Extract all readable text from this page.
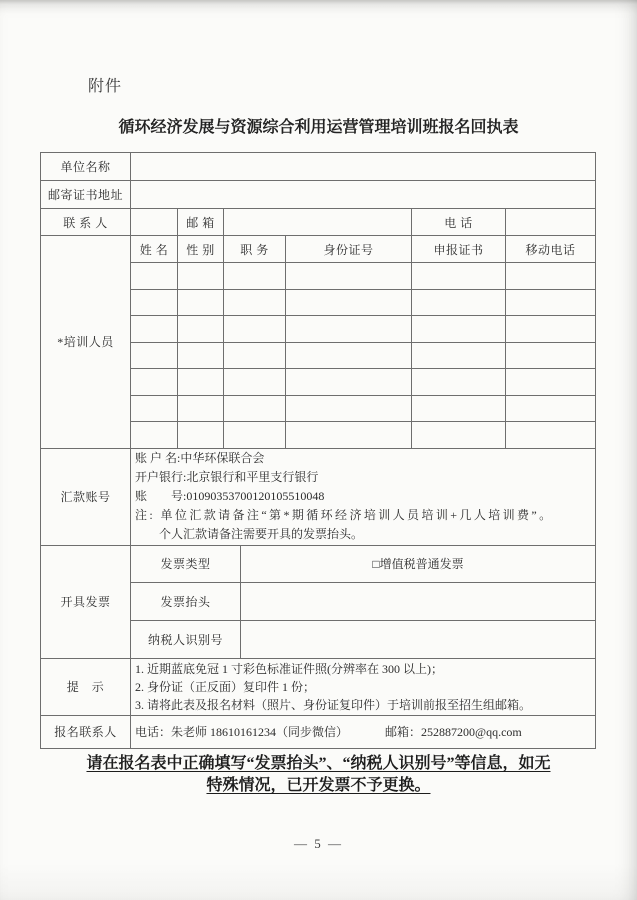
附件
循环经济发展与资源综合利用运营管理培训班报名回执表
单位名称							
邮寄证书地址							
联 系 人		邮 箱				电 话	
*培训人员	姓 名	性 别	职 务		身份证号	申报证书	移动电话

汇款账号	账 户 名:中华环保联合会
开户银行:北京银行和平里支行银行
账　　号:01090353700120105510048
注: 单位汇款请备注“第*期循环经济培训人员培训+几人培训费”。
个人汇款请备注需要开具的发票抬头。						

开具发票	发票类型			□增值税普通发票			
	发票抬头						
	纳税人识别号						
提　示	1. 近期蓝底免冠 1 寸彩色标准证件照(分辨率在 300 以上)；
2. 身份证（正反面）复印件 1 份；
3. 请将此表及报名材料（照片、身份证复印件）于培训前报至招生组邮箱。						

报名联系人	电话：朱老师 18610161234（同步微信） 邮箱：252887200@qq.com						
请在报名表中正确填写“发票抬头”、“纳税人识别号”等信息，如无
特殊情况，已开发票不予更换。
— 5 —
